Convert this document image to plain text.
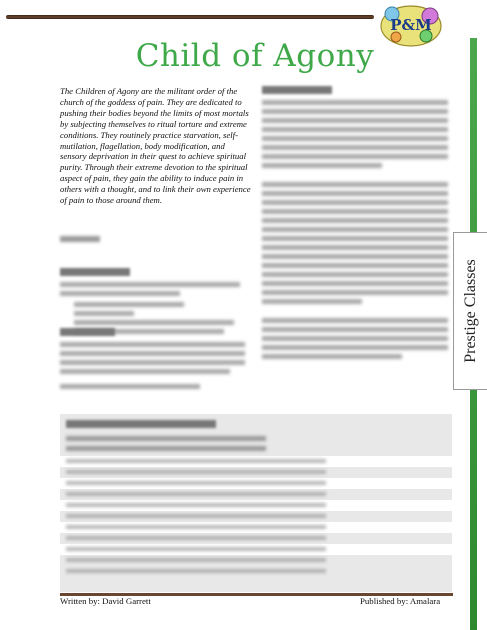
P&M
Prestige Classes
Child of Agony
The Children of Agony are the militant order of the church of the goddess of pain. They are dedicated to pushing their bodies beyond the limits of most mortals by subjecting themselves to ritual torture and extreme conditions. They routinely practice starvation, self-mutilation, flagellation, body modification, and sensory deprivation in their quest to achieve spiritual purity. Through their extreme devotion to the spiritual aspect of pain, they gain the ability to induce pain in others with a thought, and to link their own experience of pain to those around them.
Written by: David Garrett	Published by: Amalara
